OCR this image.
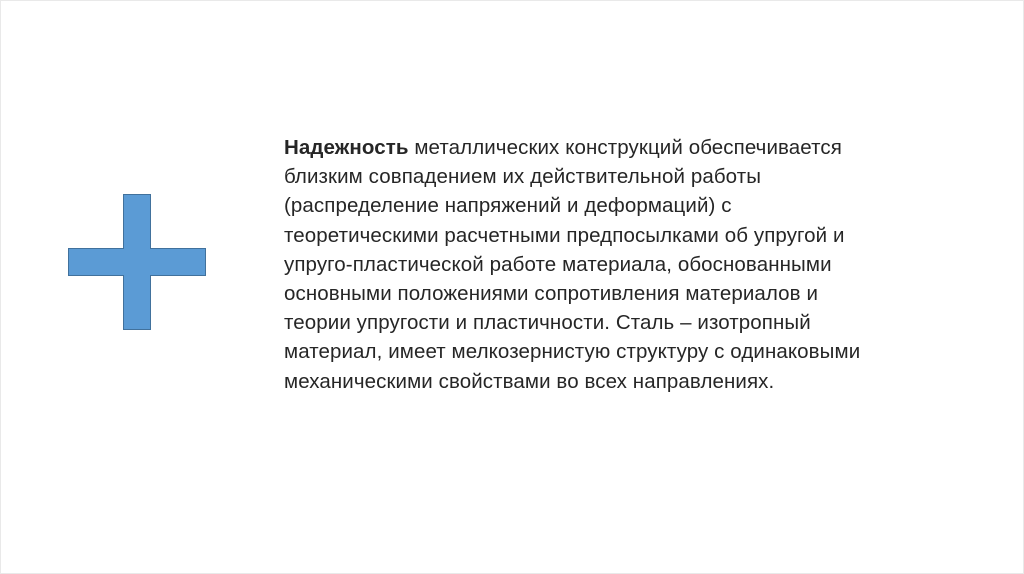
Надежность металлических конструкций обеспечивается
близким совпадением их действительной работы
(распределение напряжений и деформаций) с
теоретическими расчетными предпосылками об упругой и
упруго-пластической работе материала, обоснованными
основными положениями сопротивления материалов и
теории упругости и пластичности. Сталь – изотропный
материал, имеет мелкозернистую структуру с одинаковыми
механическими свойствами во всех направлениях.
